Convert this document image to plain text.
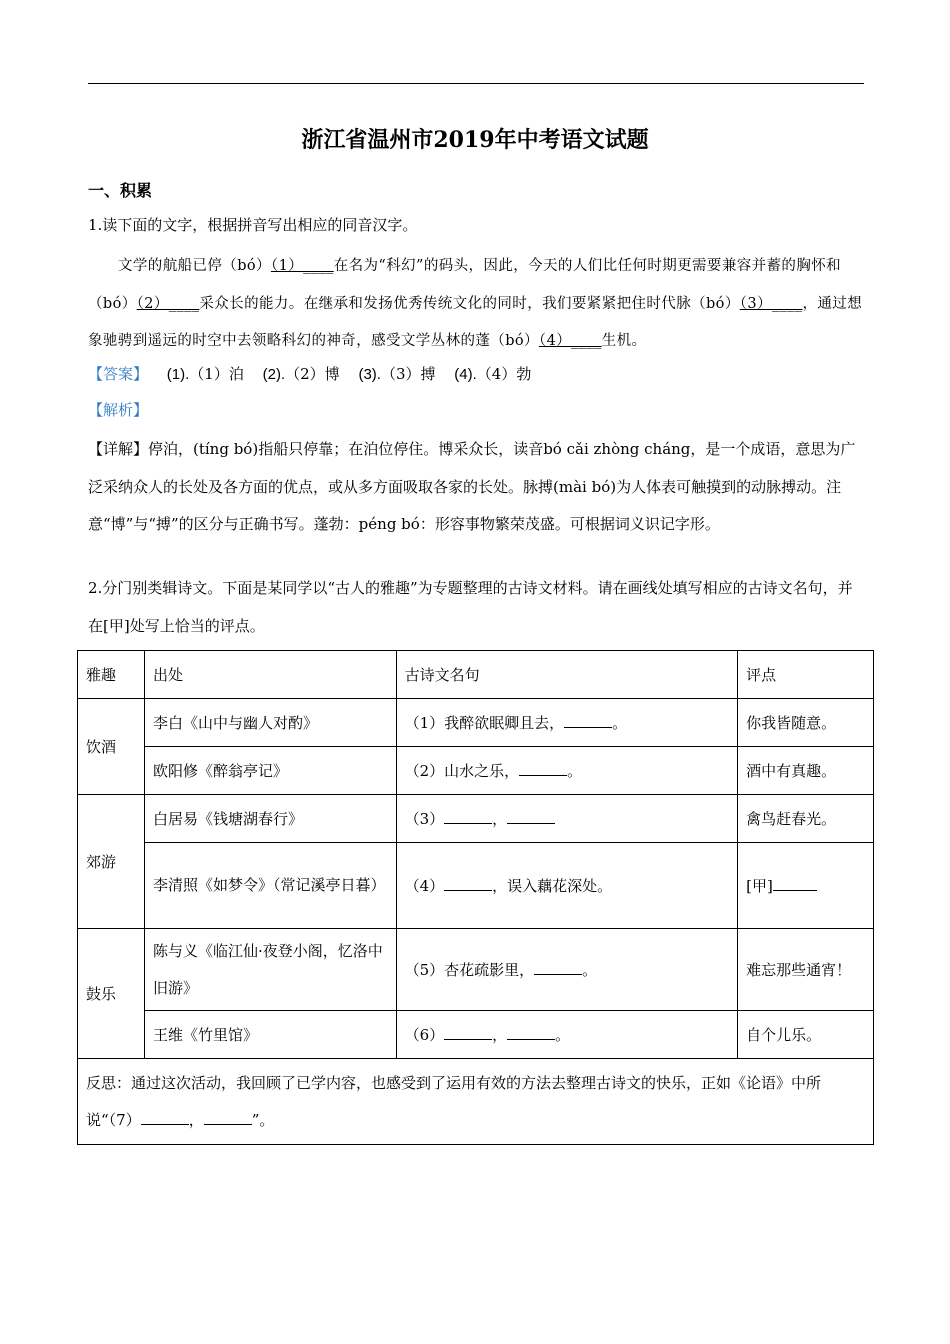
浙江省温州市2019年中考语文试题
一、积累
1.读下面的文字，根据拼音写出相应的同音汉字。
文学的航船已停（bó）（1）____在名为“科幻”的码头，因此，今天的人们比任何时期更需要兼容并蓄的胸怀和（bó）（2）____采众长的能力。在继承和发扬优秀传统文化的同时，我们要紧紧把住时代脉（bó）（3）____，通过想象驰骋到遥远的时空中去领略科幻的神奇，感受文学丛林的蓬（bó）（4）____生机。
【答案】 (1).（1）泊 (2).（2）博 (3).（3）搏 (4).（4）勃
【解析】
【详解】停泊，(tíng bó)指船只停靠；在泊位停住。博采众长，读音bó cǎi zhòng cháng，是一个成语，意思为广泛采纳众人的长处及各方面的优点，或从多方面吸取各家的长处。脉搏(mài bó)为人体表可触摸到的动脉搏动。注意“博”与“搏”的区分与正确书写。蓬勃：péng bó：形容事物繁荣茂盛。可根据词义识记字形。
2.分门别类辑诗文。下面是某同学以“古人的雅趣”为专题整理的古诗文材料。请在画线处填写相应的古诗文名句，并在[甲]处写上恰当的评点。
雅趣	出处	古诗文名句	评点
饮酒	李白《山中与幽人对酌》	（1）我醉欲眠卿且去， 。	你我皆随意。
	欧阳修《醉翁亭记》	（2）山水之乐， 。	酒中有真趣。
郊游	白居易《钱塘湖春行》	（3） ，	禽鸟赶春光。
	李清照《如梦令》（常记溪亭日暮）	（4） ，误入藕花深处。	[甲]
鼓乐	陈与义《临江仙·夜登小阁，忆洛中旧游》	（5）杏花疏影里， 。	难忘那些通宵！
	王维《竹里馆》	（6） ， 。	自个儿乐。
反思：通过这次活动，我回顾了已学内容，也感受到了运用有效的方法去整理古诗文的快乐，正如《论语》中所说“（7） ， ”。			
